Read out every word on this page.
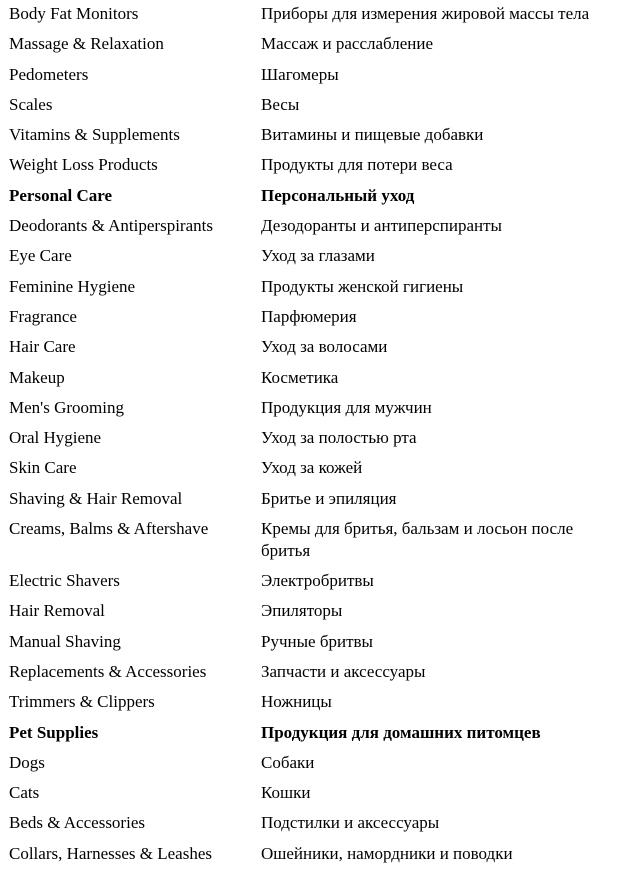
Body Fat Monitors	Приборы для измерения жировой массы тела
Massage & Relaxation	Массаж и расслабление
Pedometers	Шагомеры
Scales	Весы
Vitamins & Supplements	Витамины и пищевые добавки
Weight Loss Products	Продукты для потери веса
Personal Care	Персональный уход
Deodorants & Antiperspirants	Дезодоранты и антиперспиранты
Eye Care	Уход за глазами
Feminine Hygiene	Продукты женской гигиены
Fragrance	Парфюмерия
Hair Care	Уход за волосами
Makeup	Косметика
Men's Grooming	Продукция для мужчин
Oral Hygiene	Уход за полостью рта
Skin Care	Уход за кожей
Shaving & Hair Removal	Бритье и эпиляция
Creams, Balms & Aftershave	Кремы для бритья, бальзам и лосьон после бритья
Electric Shavers	Электробритвы
Hair Removal	Эпиляторы
Manual Shaving	Ручные бритвы
Replacements & Accessories	Запчасти и аксессуары
Trimmers & Clippers	Ножницы
Pet Supplies	Продукция для домашних питомцев
Dogs	Собаки
Cats	Кошки
Beds & Accessories	Подстилки и аксессуары
Collars, Harnesses & Leashes	Ошейники, намордники и поводки
